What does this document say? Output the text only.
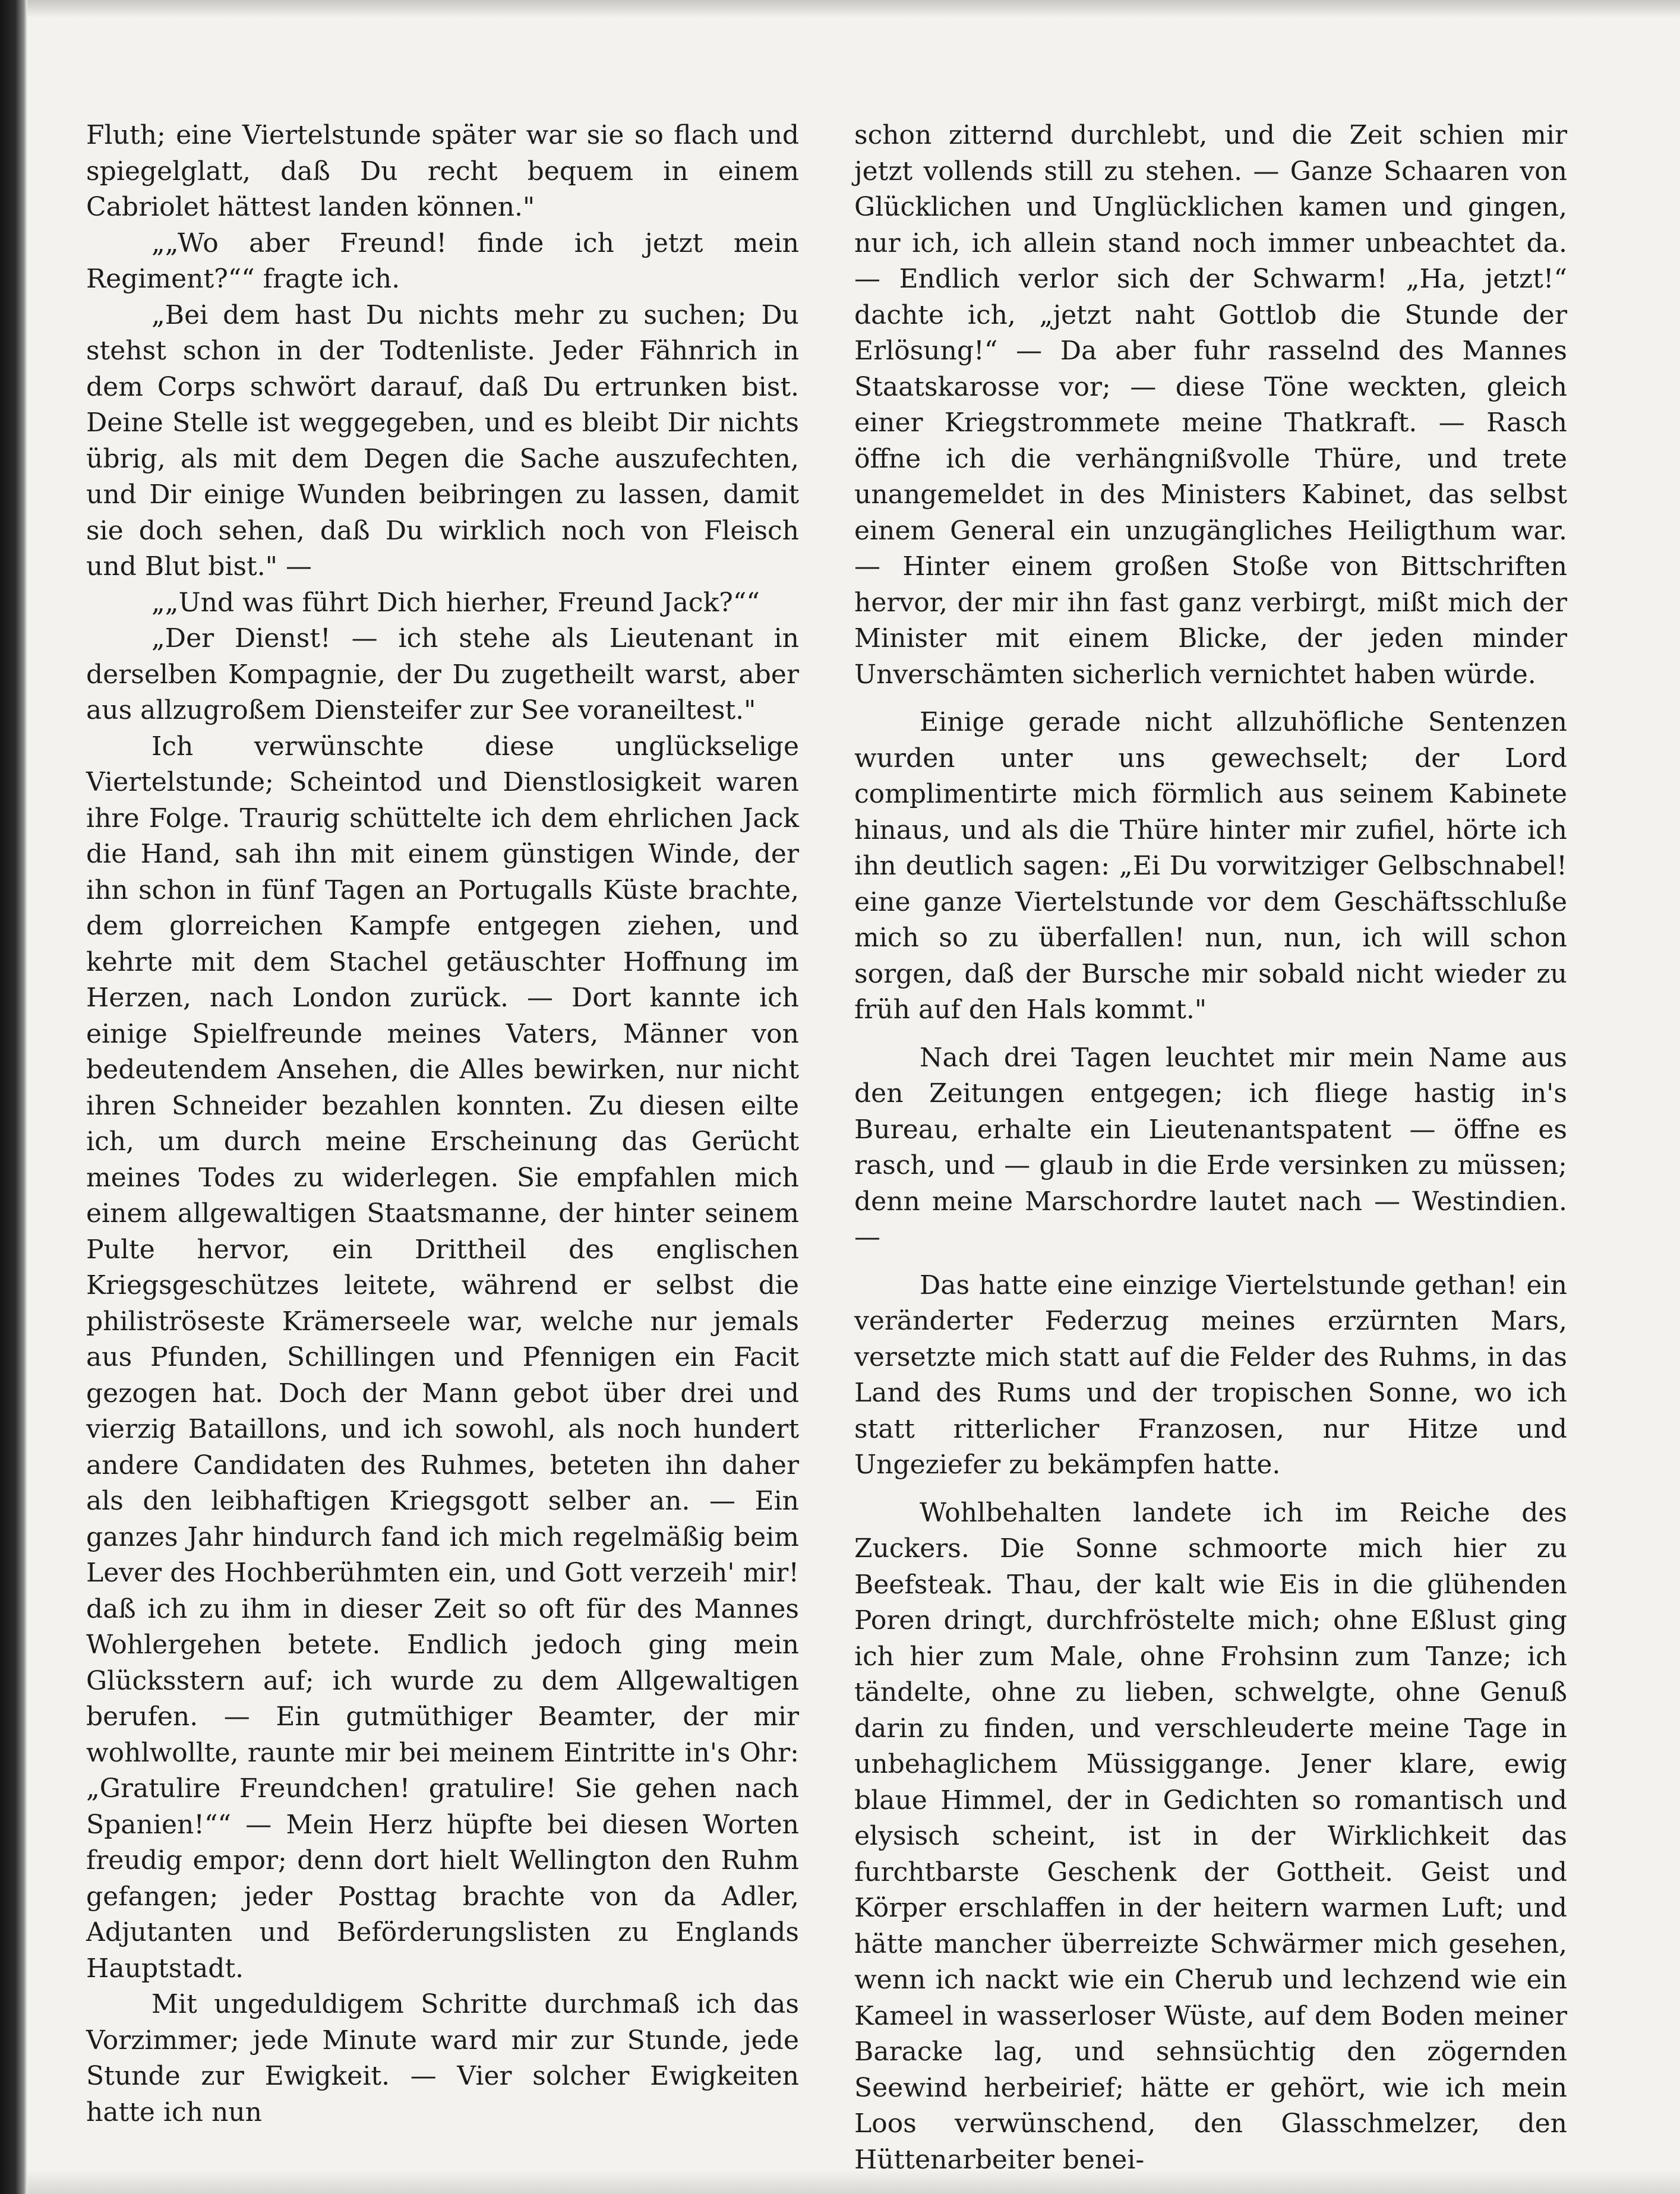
Fluth; eine Viertelstunde später war sie so flach und spiegelglatt, daß Du recht bequem in einem Cabriolet hättest landen können."

„„Wo aber Freund! finde ich jetzt mein Regiment?““ fragte ich.

„Bei dem hast Du nichts mehr zu suchen; Du stehst schon in der Todtenliste. Jeder Fähnrich in dem Corps schwört darauf, daß Du ertrunken bist. Deine Stelle ist weggegeben, und es bleibt Dir nichts übrig, als mit dem Degen die Sache auszufechten, und Dir einige Wunden beibringen zu lassen, damit sie doch sehen, daß Du wirklich noch von Fleisch und Blut bist." —

„„Und was führt Dich hierher, Freund Jack?““

„Der Dienst! — ich stehe als Lieutenant in derselben Kompagnie, der Du zugetheilt warst, aber aus allzugroßem Diensteifer zur See voraneiltest."

Ich verwünschte diese unglückselige Viertelstunde; Scheintod und Dienstlosigkeit waren ihre Folge. Traurig schüttelte ich dem ehrlichen Jack die Hand, sah ihn mit einem günstigen Winde, der ihn schon in fünf Tagen an Portugalls Küste brachte, dem glorreichen Kampfe entgegen ziehen, und kehrte mit dem Stachel getäuschter Hoffnung im Herzen, nach London zurück. — Dort kannte ich einige Spielfreunde meines Vaters, Männer von bedeutendem Ansehen, die Alles bewirken, nur nicht ihren Schneider bezahlen konnten. Zu diesen eilte ich, um durch meine Erscheinung das Gerücht meines Todes zu widerlegen. Sie empfahlen mich einem allgewaltigen Staatsmanne, der hinter seinem Pulte hervor, ein Drittheil des englischen Kriegsgeschützes leitete, während er selbst die philiströseste Krämerseele war, welche nur jemals aus Pfunden, Schillingen und Pfennigen ein Facit gezogen hat. Doch der Mann gebot über drei und vierzig Bataillons, und ich sowohl, als noch hundert andere Candidaten des Ruhmes, beteten ihn daher als den leibhaftigen Kriegsgott selber an. — Ein ganzes Jahr hindurch fand ich mich regelmäßig beim Lever des Hochberühmten ein, und Gott verzeih' mir! daß ich zu ihm in dieser Zeit so oft für des Mannes Wohlergehen betete. Endlich jedoch ging mein Glücksstern auf; ich wurde zu dem Allgewaltigen berufen. — Ein gutmüthiger Beamter, der mir wohlwollte, raunte mir bei meinem Eintritte in's Ohr: „Gratulire Freundchen! gratulire! Sie gehen nach Spanien!““ — Mein Herz hüpfte bei diesen Worten freudig empor; denn dort hielt Wellington den Ruhm gefangen; jeder Posttag brachte von da Adler, Adjutanten und Beförderungslisten zu Englands Hauptstadt.

Mit ungeduldigem Schritte durchmaß ich das Vorzimmer; jede Minute ward mir zur Stunde, jede Stunde zur Ewigkeit. — Vier solcher Ewigkeiten hatte ich nun

schon zitternd durchlebt, und die Zeit schien mir jetzt vollends still zu stehen. — Ganze Schaaren von Glücklichen und Unglücklichen kamen und gingen, nur ich, ich allein stand noch immer unbeachtet da. — Endlich verlor sich der Schwarm! „Ha, jetzt!“ dachte ich, „jetzt naht Gottlob die Stunde der Erlösung!“ — Da aber fuhr rasselnd des Mannes Staatskarosse vor; — diese Töne weckten, gleich einer Kriegstrommete meine Thatkraft. — Rasch öffne ich die verhängnißvolle Thüre, und trete unangemeldet in des Ministers Kabinet, das selbst einem General ein unzugängliches Heiligthum war. — Hinter einem großen Stoße von Bittschriften hervor, der mir ihn fast ganz verbirgt, mißt mich der Minister mit einem Blicke, der jeden minder Unverschämten sicherlich vernichtet haben würde.

Einige gerade nicht allzuhöfliche Sentenzen wurden unter uns gewechselt; der Lord complimentirte mich förmlich aus seinem Kabinete hinaus, und als die Thüre hinter mir zufiel, hörte ich ihn deutlich sagen: „Ei Du vorwitziger Gelbschnabel! eine ganze Viertelstunde vor dem Geschäftsschluße mich so zu überfallen! nun, nun, ich will schon sorgen, daß der Bursche mir sobald nicht wieder zu früh auf den Hals kommt."

Nach drei Tagen leuchtet mir mein Name aus den Zeitungen entgegen; ich fliege hastig in's Bureau, erhalte ein Lieutenantspatent — öffne es rasch, und — glaub in die Erde versinken zu müssen; denn meine Marschordre lautet nach — Westindien. —

Das hatte eine einzige Viertelstunde gethan! ein veränderter Federzug meines erzürnten Mars, versetzte mich statt auf die Felder des Ruhms, in das Land des Rums und der tropischen Sonne, wo ich statt ritterlicher Franzosen, nur Hitze und Ungeziefer zu bekämpfen hatte.

Wohlbehalten landete ich im Reiche des Zuckers. Die Sonne schmoorte mich hier zu Beefsteak. Thau, der kalt wie Eis in die glühenden Poren dringt, durchfröstelte mich; ohne Eßlust ging ich hier zum Male, ohne Frohsinn zum Tanze; ich tändelte, ohne zu lieben, schwelgte, ohne Genuß darin zu finden, und verschleuderte meine Tage in unbehaglichem Müssiggange. Jener klare, ewig blaue Himmel, der in Gedichten so romantisch und elysisch scheint, ist in der Wirklichkeit das furchtbarste Geschenk der Gottheit. Geist und Körper erschlaffen in der heitern warmen Luft; und hätte mancher überreizte Schwärmer mich gesehen, wenn ich nackt wie ein Cherub und lechzend wie ein Kameel in wasserloser Wüste, auf dem Boden meiner Baracke lag, und sehnsüchtig den zögernden Seewind herbeirief; hätte er gehört, wie ich mein Loos verwünschend, den Glasschmelzer, den Hüttenarbeiter benei-
